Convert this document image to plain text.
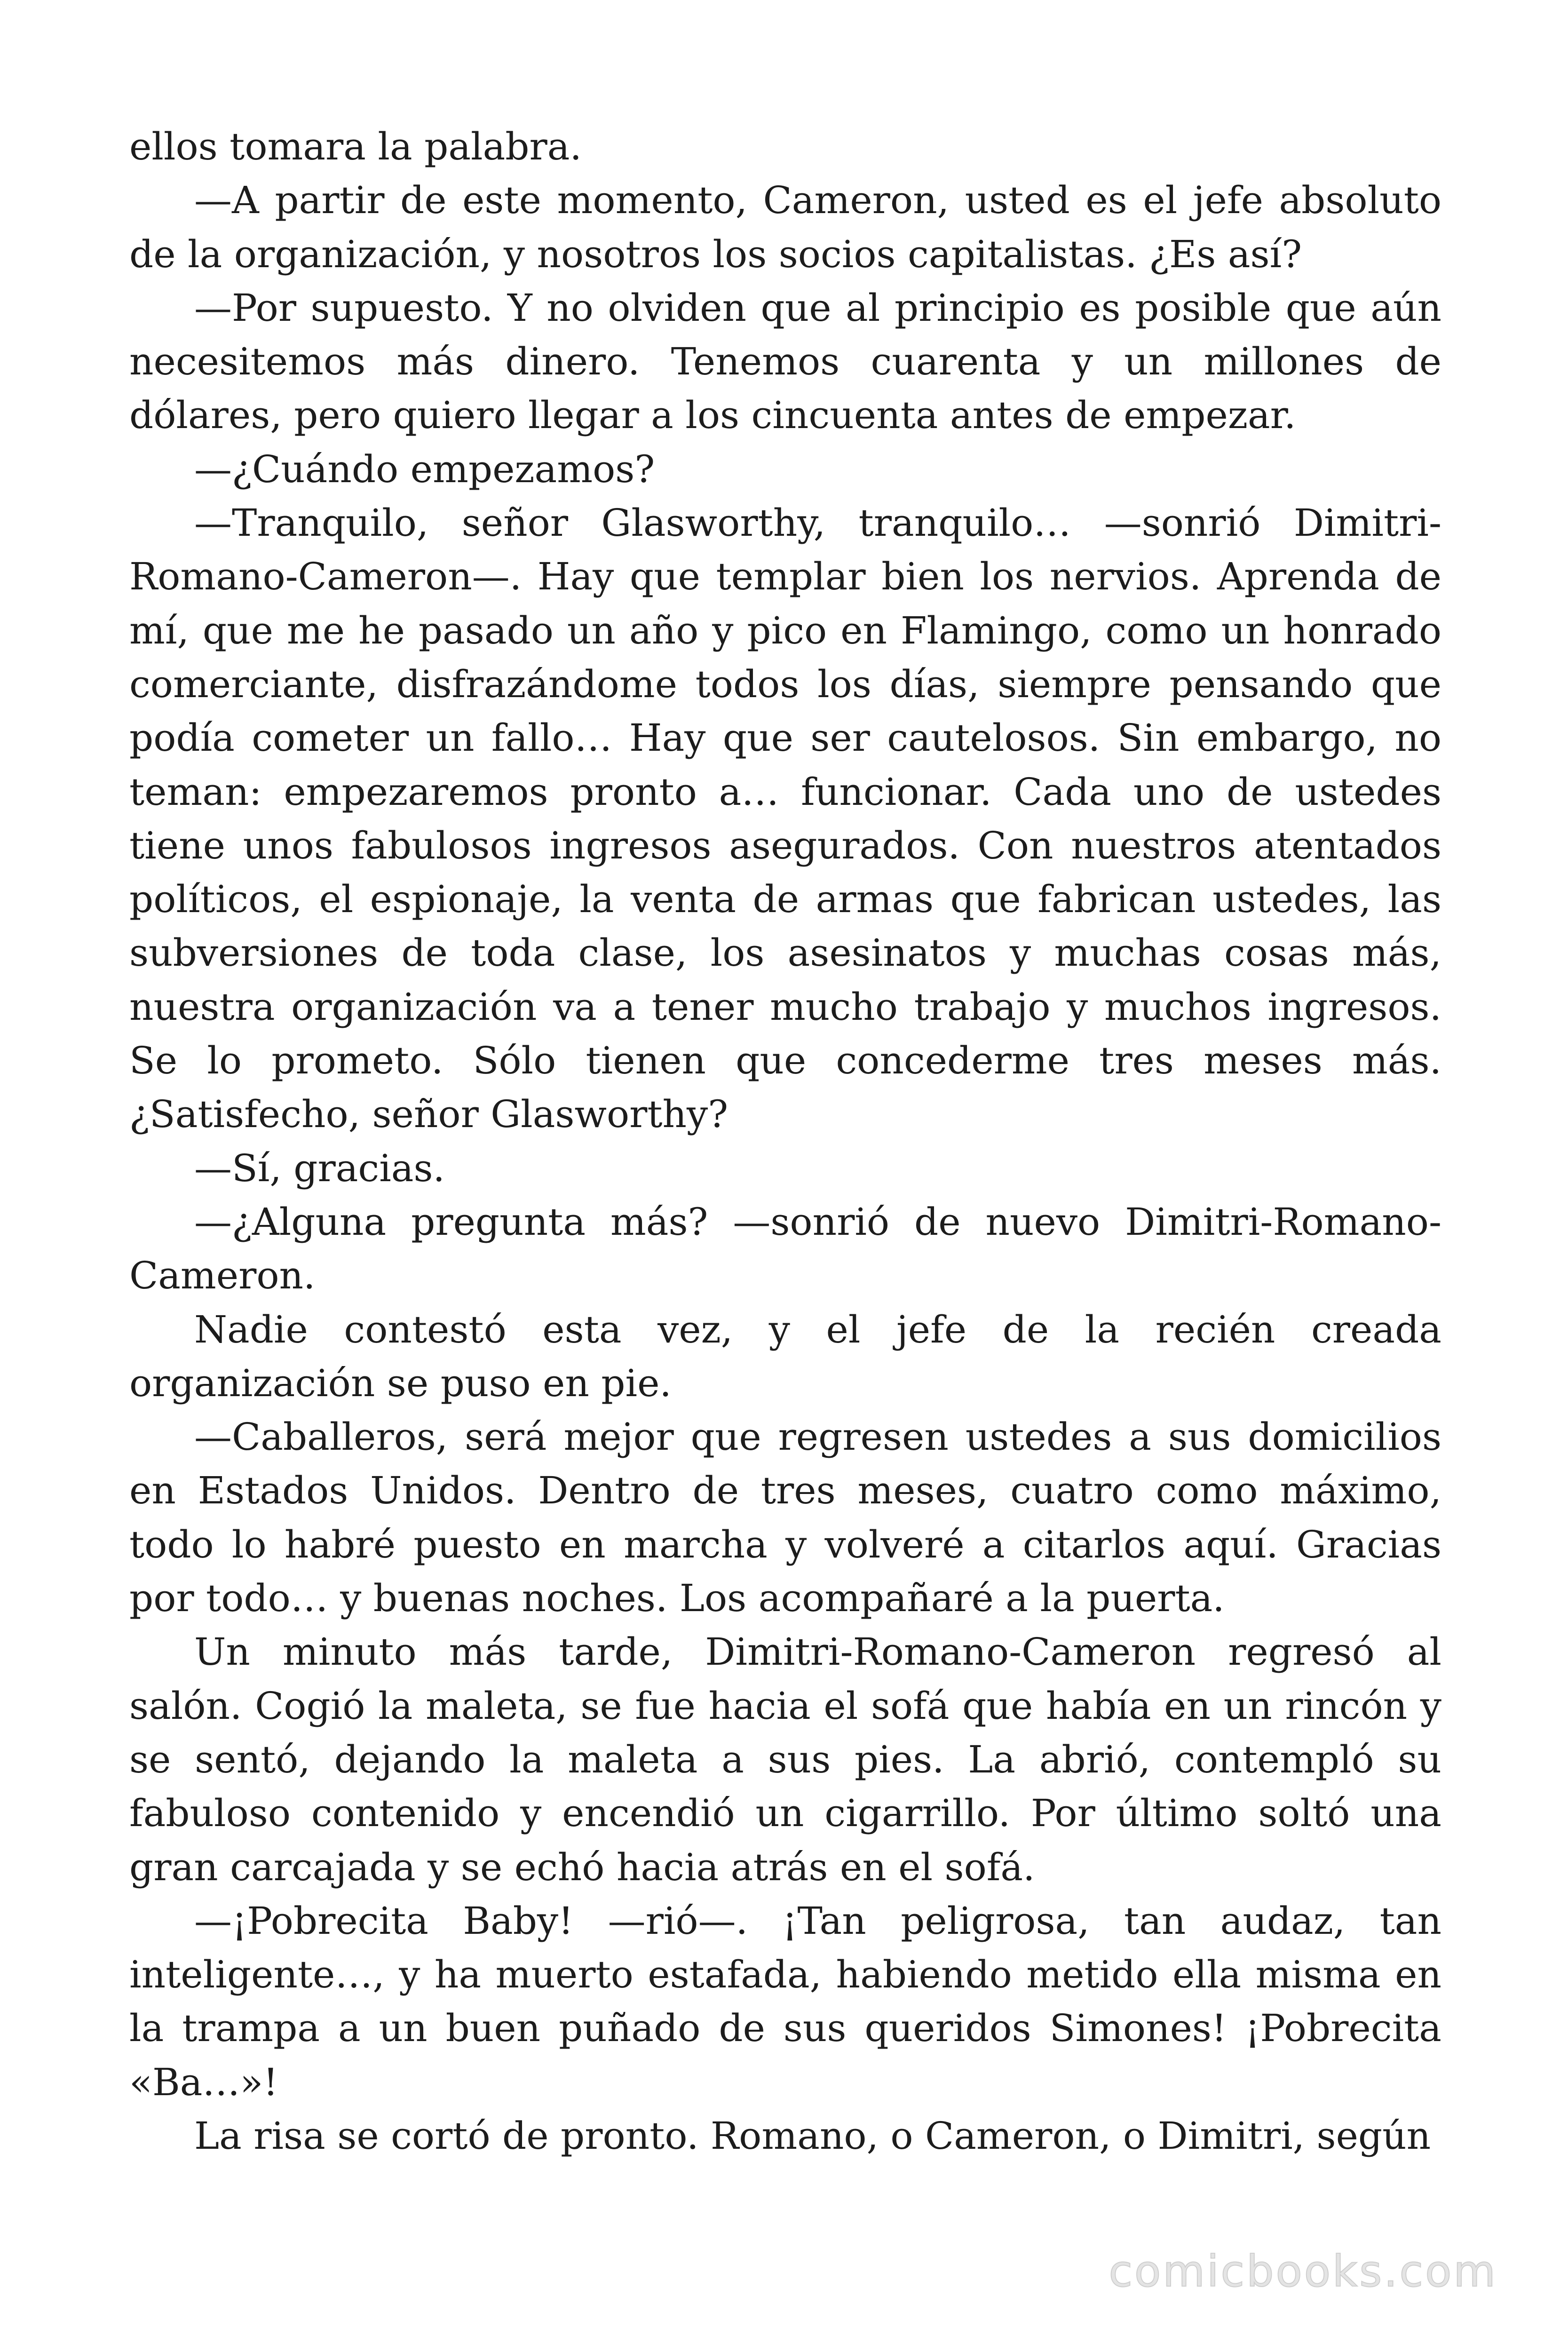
ellos tomara la palabra.

—A partir de este momento, Cameron, usted es el jefe absoluto de la organización, y nosotros los socios capitalistas. ¿Es así?

—Por supuesto. Y no olviden que al principio es posible que aún necesitemos más dinero. Tenemos cuarenta y un millones de dólares, pero quiero llegar a los cincuenta antes de empezar.

—¿Cuándo empezamos?

—Tranquilo, señor Glasworthy, tranquilo… —sonrió Dimitri-Romano-Cameron—. Hay que templar bien los nervios. Aprenda de mí, que me he pasado un año y pico en Flamingo, como un honrado comerciante, disfrazándome todos los días, siempre pensando que podía cometer un fallo… Hay que ser cautelosos. Sin embargo, no teman: empezaremos pronto a… funcionar. Cada uno de ustedes tiene unos fabulosos ingresos asegurados. Con nuestros atentados políticos, el espionaje, la venta de armas que fabrican ustedes, las subversiones de toda clase, los asesinatos y muchas cosas más, nuestra organización va a tener mucho trabajo y muchos ingresos. Se lo prometo. Sólo tienen que concederme tres meses más. ¿Satisfecho, señor Glasworthy?

—Sí, gracias.

—¿Alguna pregunta más? —sonrió de nuevo Dimitri-Romano-Cameron.

Nadie contestó esta vez, y el jefe de la recién creada organización se puso en pie.

—Caballeros, será mejor que regresen ustedes a sus domicilios en Estados Unidos. Dentro de tres meses, cuatro como máximo, todo lo habré puesto en marcha y volveré a citarlos aquí. Gracias por todo… y buenas noches. Los acompañaré a la puerta.

Un minuto más tarde, Dimitri-Romano-Cameron regresó al salón. Cogió la maleta, se fue hacia el sofá que había en un rincón y se sentó, dejando la maleta a sus pies. La abrió, contempló su fabuloso contenido y encendió un cigarrillo. Por último soltó una gran carcajada y se echó hacia atrás en el sofá.

—¡Pobrecita Baby! —rió—. ¡Tan peligrosa, tan audaz, tan inteligente…, y ha muerto estafada, habiendo metido ella misma en la trampa a un buen puñado de sus queridos Simones! ¡Pobrecita «Ba…»!

La risa se cortó de pronto. Romano, o Cameron, o Dimitri, según

comicbooks.com
